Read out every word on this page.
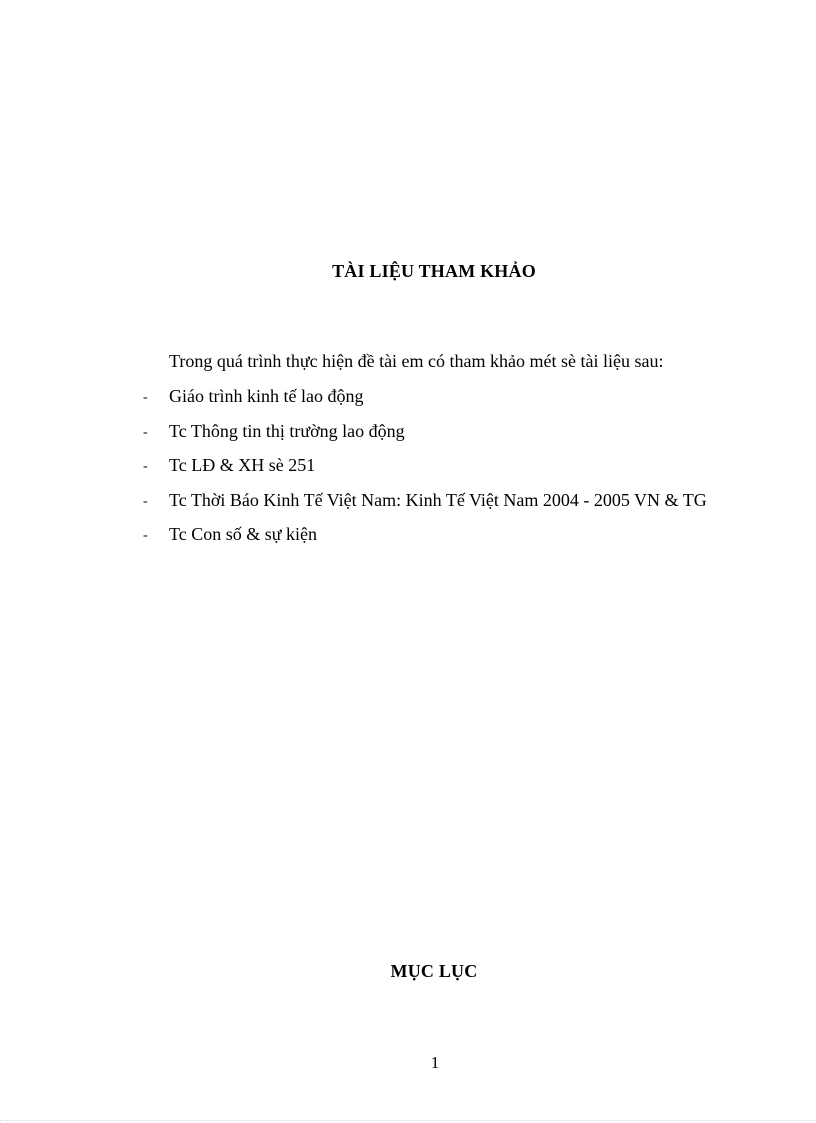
TÀI LIỆU THAM KHẢO
Trong quá trình thực hiện đề tài em có tham khảo mét sè tài liệu sau:
- Giáo trình kinh tế lao động
- Tc Thông tin thị trường lao động
- Tc LĐ & XH sè 251
- Tc Thời Báo Kinh Tế Việt Nam: Kinh Tế Việt Nam 2004 - 2005 VN & TG
- Tc Con số & sự kiện
MỤC LỤC
1
